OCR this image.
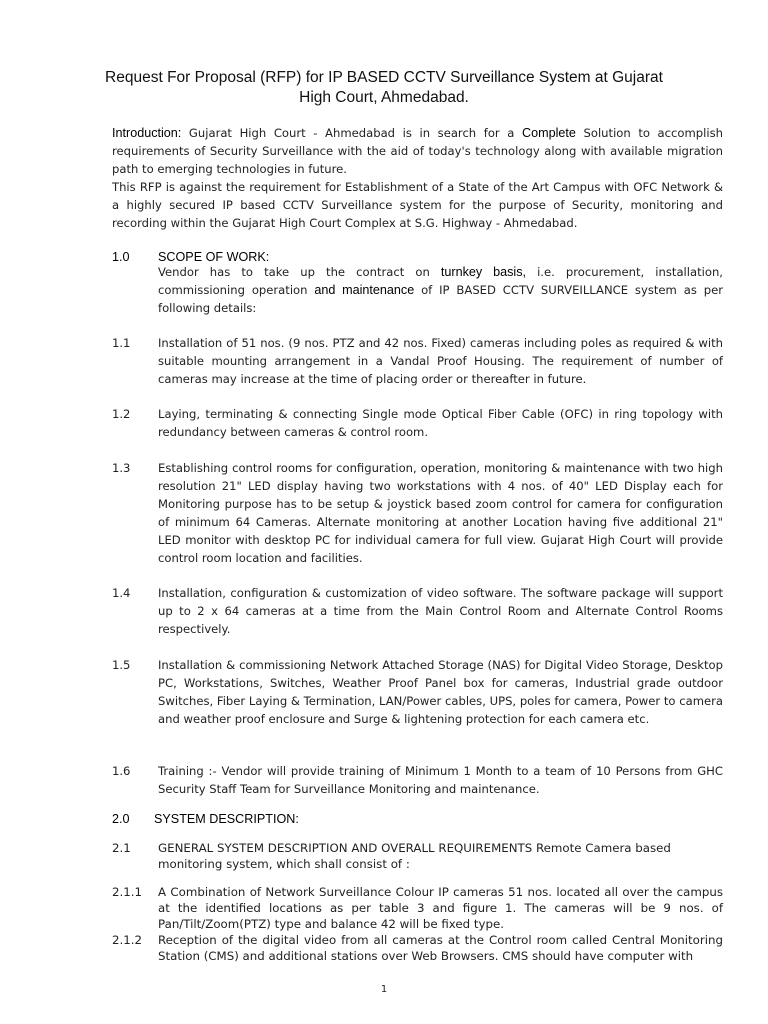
Request For Proposal (RFP) for IP BASED CCTV Surveillance System at Gujarat High Court, Ahmedabad.

Introduction: Gujarat High Court - Ahmedabad is in search for a Complete Solution to accomplish requirements of Security Surveillance with the aid of today's technology along with available migration path to emerging technologies in future.

This RFP is against the requirement for Establishment of a State of the Art Campus with OFC Network & a highly secured IP based CCTV Surveillance system for the purpose of Security, monitoring and recording within the Gujarat High Court Complex at S.G. Highway - Ahmedabad.

1.0 SCOPE OF WORK:
Vendor has to take up the contract on turnkey basis, i.e. procurement, installation, commissioning operation and maintenance of IP BASED CCTV SURVEILLANCE system as per following details:
1.1 Installation of 51 nos. (9 nos. PTZ and 42 nos. Fixed) cameras including poles as required & with suitable mounting arrangement in a Vandal Proof Housing. The requirement of number of cameras may increase at the time of placing order or thereafter in future.
1.2 Laying, terminating & connecting Single mode Optical Fiber Cable (OFC) in ring topology with redundancy between cameras & control room.
1.3 Establishing control rooms for configuration, operation, monitoring & maintenance with two high resolution 21" LED display having two workstations with 4 nos. of 40" LED Display each for Monitoring purpose has to be setup & joystick based zoom control for camera for configuration of minimum 64 Cameras. Alternate monitoring at another Location having five additional 21" LED monitor with desktop PC for individual camera for full view. Gujarat High Court will provide control room location and facilities.
1.4 Installation, configuration & customization of video software. The software package will support up to 2 x 64 cameras at a time from the Main Control Room and Alternate Control Rooms respectively.
1.5 Installation & commissioning Network Attached Storage (NAS) for Digital Video Storage, Desktop PC, Workstations, Switches, Weather Proof Panel box for cameras, Industrial grade outdoor Switches, Fiber Laying & Termination, LAN/Power cables, UPS, poles for camera, Power to camera and weather proof enclosure and Surge & lightening protection for each camera etc.
1.6 Training :- Vendor will provide training of Minimum 1 Month to a team of 10 Persons from GHC Security Staff Team for Surveillance Monitoring and maintenance.
2.0 SYSTEM DESCRIPTION:
2.1 GENERAL SYSTEM DESCRIPTION AND OVERALL REQUIREMENTS Remote Camera based monitoring system, which shall consist of :
2.1.1 A Combination of Network Surveillance Colour IP cameras 51 nos. located all over the campus at the identified locations as per table 3 and figure 1. The cameras will be 9 nos. of Pan/Tilt/Zoom(PTZ) type and balance 42 will be fixed type.
2.1.2 Reception of the digital video from all cameras at the Control room called Central Monitoring Station (CMS) and additional stations over Web Browsers. CMS should have computer with
1
